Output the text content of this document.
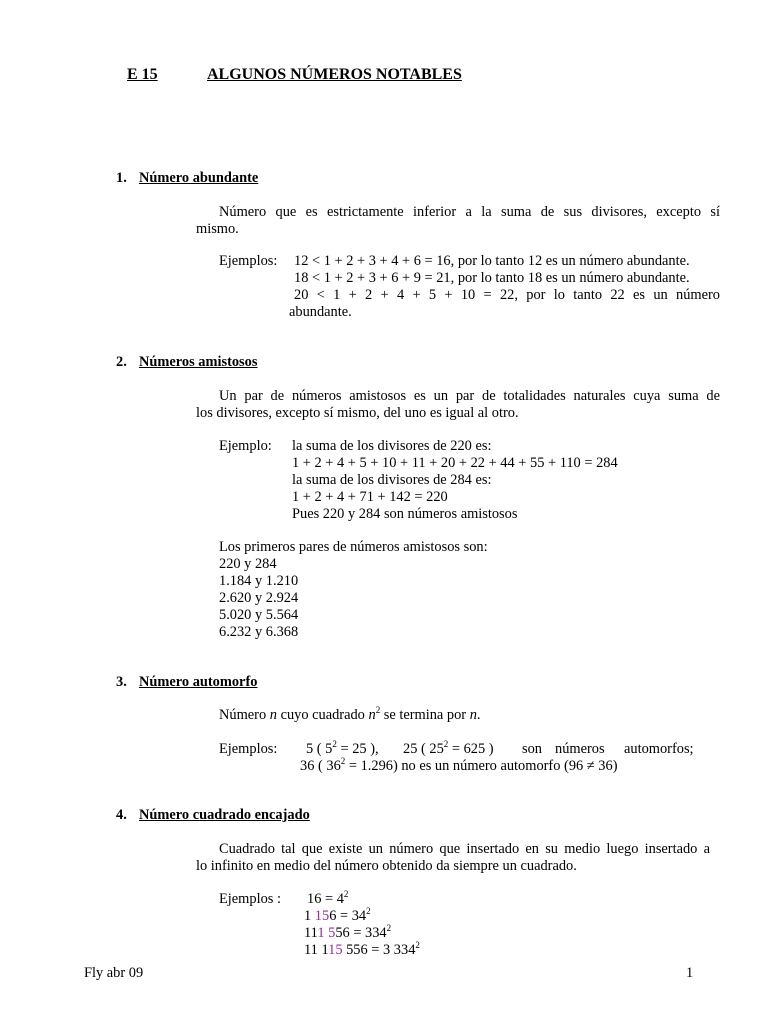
E 15	ALGUNOS NÚMEROS NOTABLES
1. Número abundante
Número que es estrictamente inferior a la suma de sus divisores, excepto sí
mismo.
Ejemplos: 12 < 1 + 2 + 3 + 4 + 6 = 16, por lo tanto 12 es un número abundante.
18 < 1 + 2 + 3 + 6 + 9 = 21, por lo tanto 18 es un número abundante.
20 < 1 + 2 + 4 + 5 + 10 = 22, por lo tanto 22 es un número
abundante.
2. Números amistosos
Un par de números amistosos es un par de totalidades naturales cuya suma de
los divisores, excepto sí mismo, del uno es igual al otro.
Ejemplo: la suma de los divisores de 220 es:
1 + 2 + 4 + 5 + 10 + 11 + 20 + 22 + 44 + 55 + 110 = 284
la suma de los divisores de 284 es:
1 + 2 + 4 + 71 + 142 = 220
Pues 220 y 284 son números amistosos
Los primeros pares de números amistosos son:
220 y 284
1.184 y 1.210
2.620 y 2.924
5.020 y 5.564
6.232 y 6.368
3. Número automorfo
Número n cuyo cuadrado $n^2$ se termina por n.
Ejemplos: 5 ( $5^2 = 25$ ), 25 ( $25^2 = 625$ ) son números automorfos;
36 ( $36^2 = 1.296$) no es un número automorfo (96 ≠ 36)
4. Número cuadrado encajado
Cuadrado tal que existe un número que insertado en su medio luego insertado a
lo infinito en medio del número obtenido da siempre un cuadrado.
Ejemplos : $16 = 4^2$
1 $156 = 34^2$
111 $556 = 334^2$
11 115 556 = 3 $334^2$
Fly abr 09	1
